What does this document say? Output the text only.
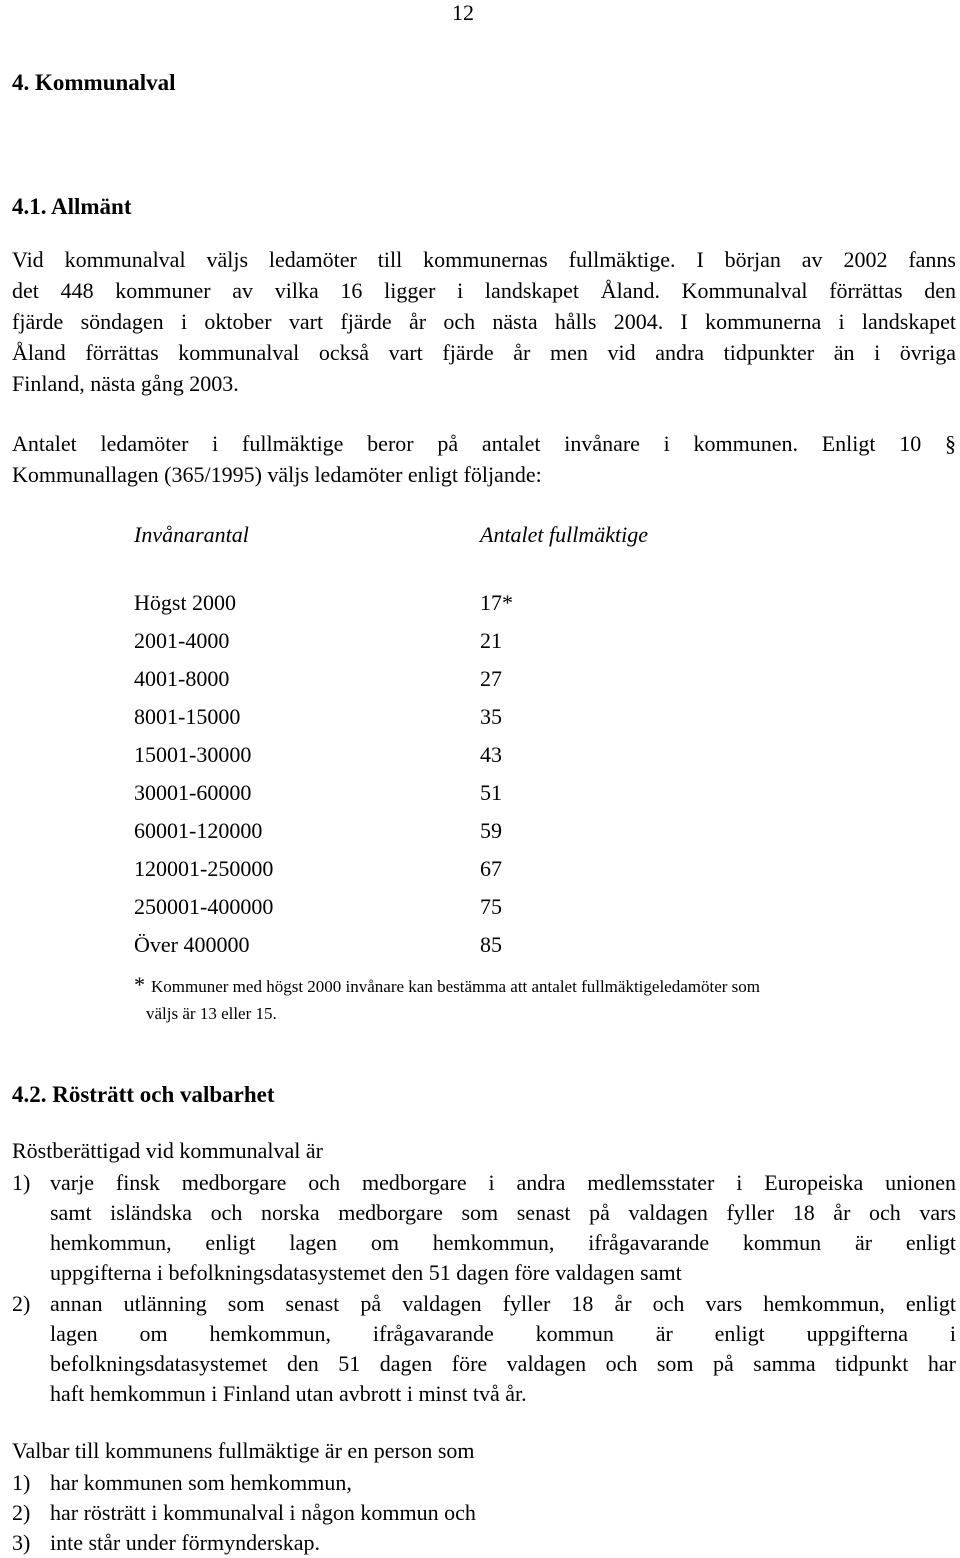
12
4. Kommunalval
4.1. Allmänt
Vid kommunalval väljs ledamöter till kommunernas fullmäktige. I början av 2002 fanns
det 448 kommuner av vilka 16 ligger i landskapet Åland. Kommunalval förrättas den
fjärde söndagen i oktober vart fjärde år och nästa hålls 2004. I kommunerna i landskapet
Åland förrättas kommunalval också vart fjärde år men vid andra tidpunkter än i övriga
Finland, nästa gång 2003.
Antalet ledamöter i fullmäktige beror på antalet invånare i kommunen. Enligt 10 §
Kommunallagen (365/1995) väljs ledamöter enligt följande:
Invånarantal	Antalet fullmäktige
Högst 2000	17*
2001-4000	21
4001-8000	27
8001-15000	35
15001-30000	43
30001-60000	51
60001-120000	59
120001-250000	67
250001-400000	75
Över 400000	85
* Kommuner med högst 2000 invånare kan bestämma att antalet fullmäktigeledamöter som
väljs är 13 eller 15.
4.2. Rösträtt och valbarhet
Röstberättigad vid kommunalval är
1) varje finsk medborgare och medborgare i andra medlemsstater i Europeiska unionen
samt isländska och norska medborgare som senast på valdagen fyller 18 år och vars
hemkommun, enligt lagen om hemkommun, ifrågavarande kommun är enligt
uppgifterna i befolkningsdatasystemet den 51 dagen före valdagen samt
2) annan utlänning som senast på valdagen fyller 18 år och vars hemkommun, enligt
lagen om hemkommun, ifrågavarande kommun är enligt uppgifterna i
befolkningsdatasystemet den 51 dagen före valdagen och som på samma tidpunkt har
haft hemkommun i Finland utan avbrott i minst två år.
Valbar till kommunens fullmäktige är en person som
1) har kommunen som hemkommun,
2) har rösträtt i kommunalval i någon kommun och
3) inte står under förmynderskap.
